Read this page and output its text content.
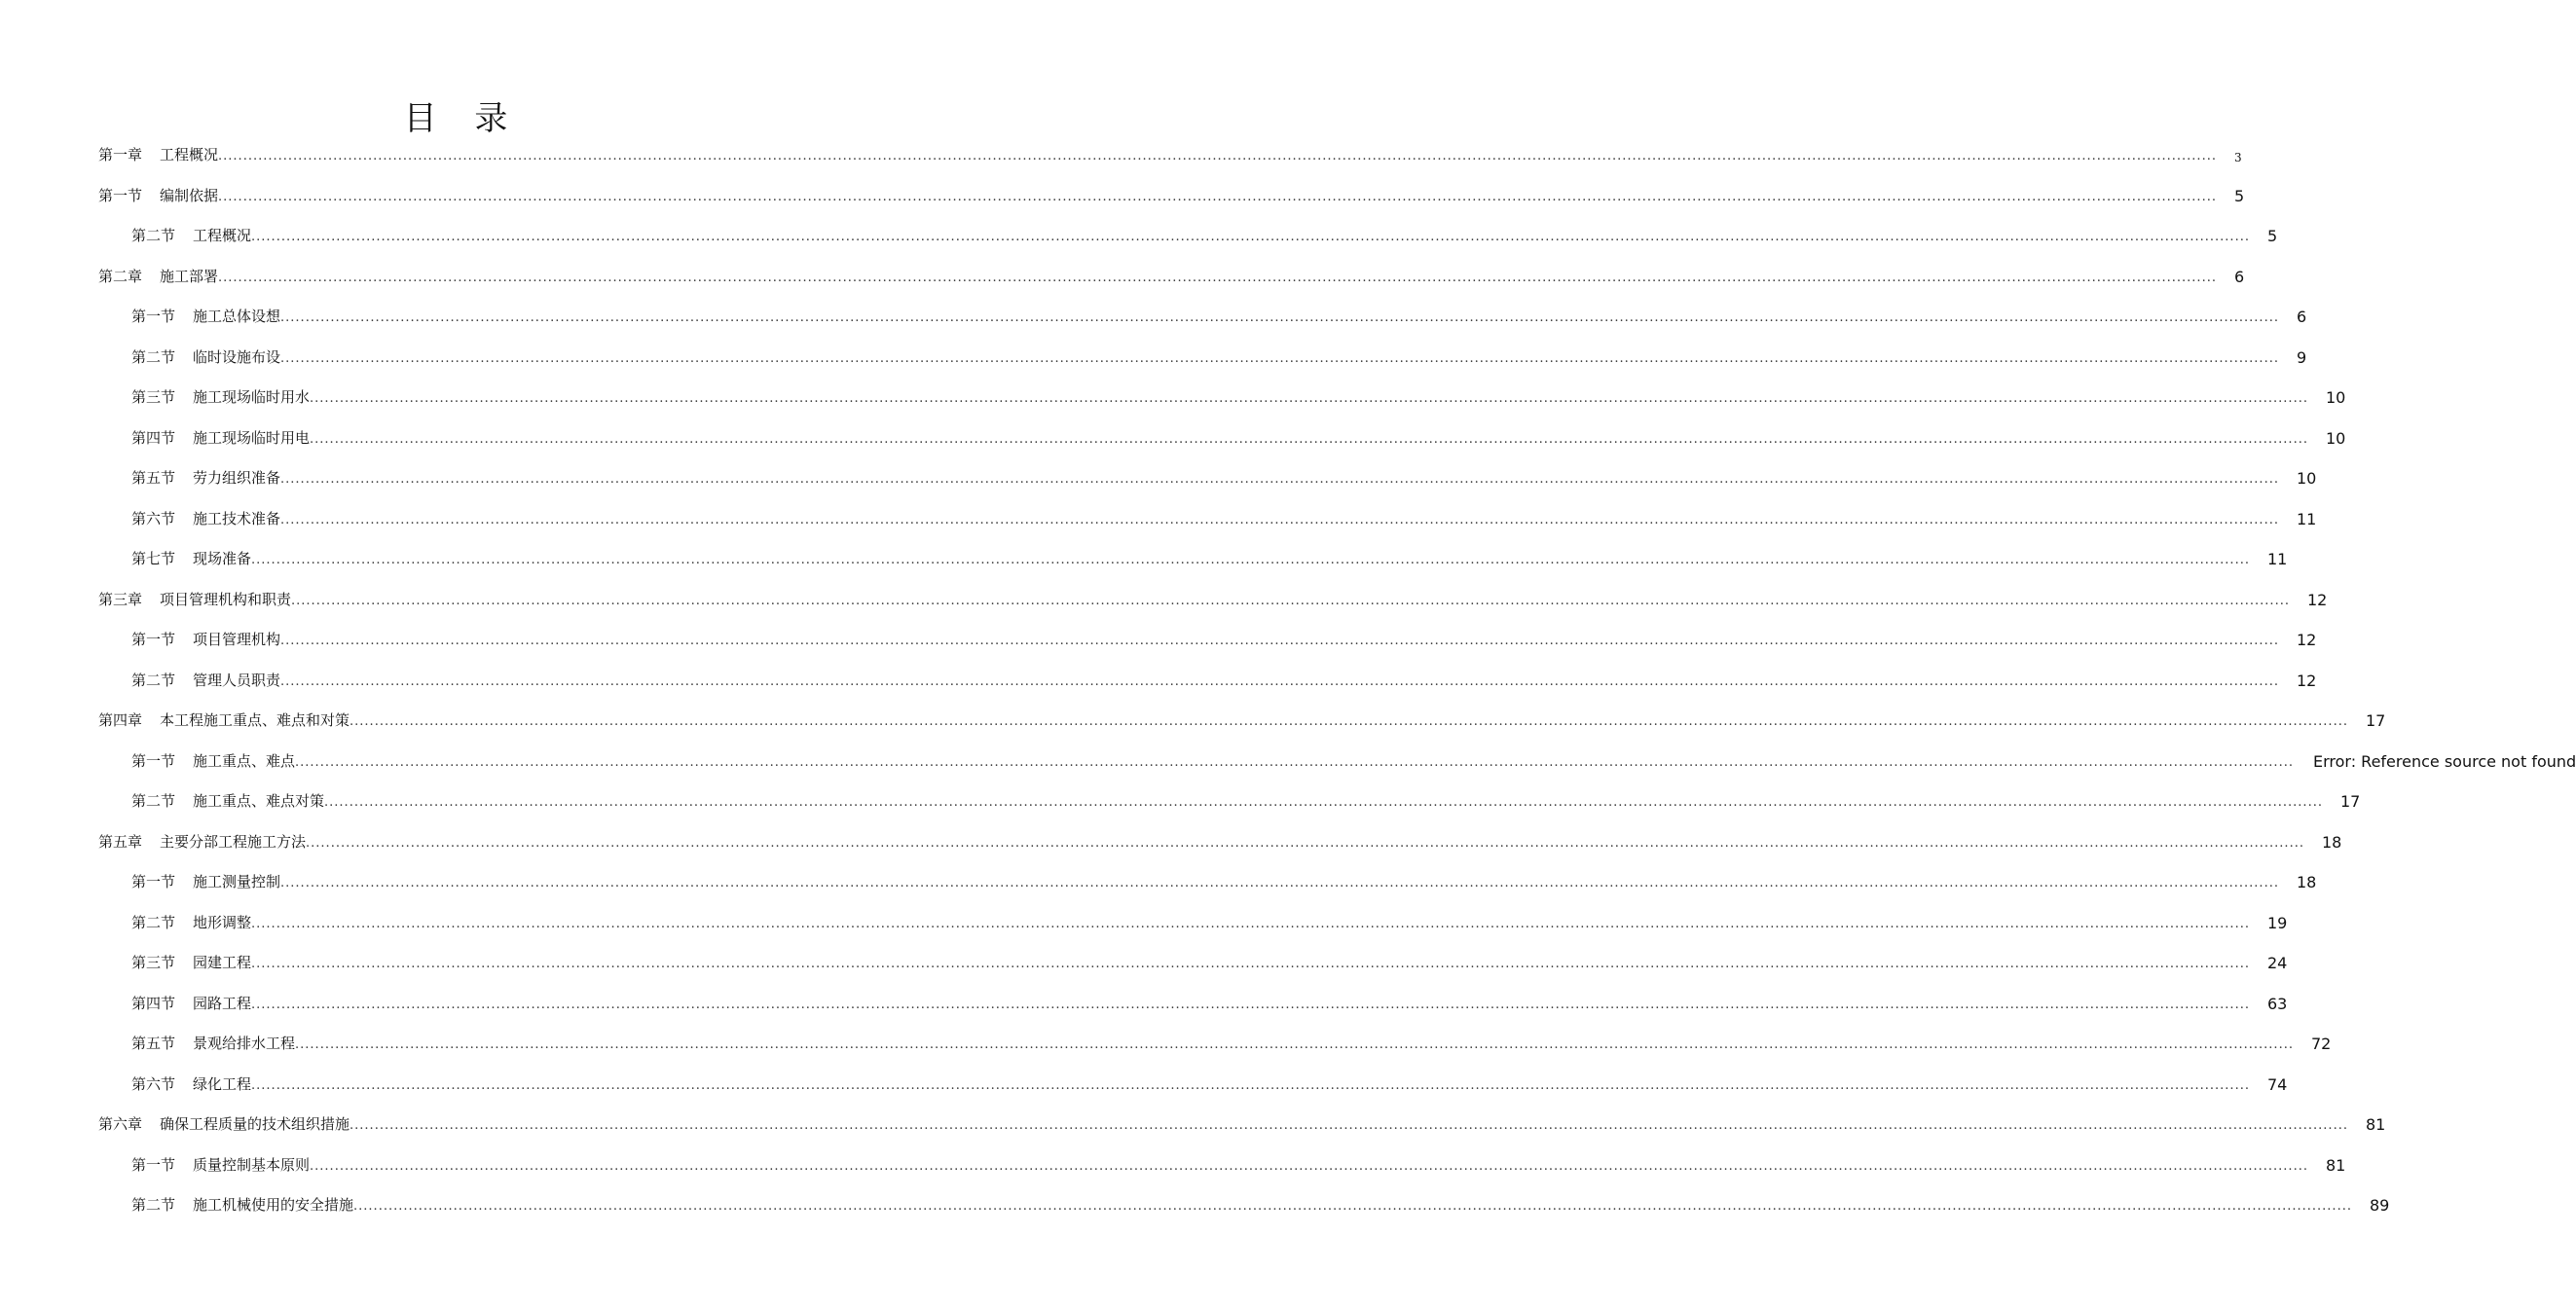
目 录
第一章 工程概况 ................................................................................................................................................................................................................................................................................................................................................................................................................ 3
第一节 编制依据 ................................................................................................................................................................................................................................................................................................................................................................................................................ 5
第二节 工程概况 ................................................................................................................................................................................................................................................................................................................................................................................................................ 5
第二章 施工部署 ................................................................................................................................................................................................................................................................................................................................................................................................................ 6
第一节 施工总体设想 ................................................................................................................................................................................................................................................................................................................................................................................................................ 6
第二节 临时设施布设 ................................................................................................................................................................................................................................................................................................................................................................................................................ 9
第三节 施工现场临时用水 ................................................................................................................................................................................................................................................................................................................................................................................................................ 10
第四节 施工现场临时用电 ................................................................................................................................................................................................................................................................................................................................................................................................................ 10
第五节 劳力组织准备 ................................................................................................................................................................................................................................................................................................................................................................................................................ 10
第六节 施工技术准备 ................................................................................................................................................................................................................................................................................................................................................................................................................ 11
第七节 现场准备 ................................................................................................................................................................................................................................................................................................................................................................................................................ 11
第三章 项目管理机构和职责 ................................................................................................................................................................................................................................................................................................................................................................................................................ 12
第一节 项目管理机构 ................................................................................................................................................................................................................................................................................................................................................................................................................ 12
第二节 管理人员职责 ................................................................................................................................................................................................................................................................................................................................................................................................................ 12
第四章 本工程施工重点、难点和对策 ................................................................................................................................................................................................................................................................................................................................................................................................................ 17
第一节 施工重点、难点 ................................................................................................................................................................................................................................................................................................................................................................................................................ Error: Reference source not found
第二节 施工重点、难点对策 ................................................................................................................................................................................................................................................................................................................................................................................................................ 17
第五章 主要分部工程施工方法 ................................................................................................................................................................................................................................................................................................................................................................................................................ 18
第一节 施工测量控制 ................................................................................................................................................................................................................................................................................................................................................................................................................ 18
第二节 地形调整 ................................................................................................................................................................................................................................................................................................................................................................................................................ 19
第三节 园建工程 ................................................................................................................................................................................................................................................................................................................................................................................................................ 24
第四节 园路工程 ................................................................................................................................................................................................................................................................................................................................................................................................................ 63
第五节 景观给排水工程 ................................................................................................................................................................................................................................................................................................................................................................................................................ 72
第六节 绿化工程 ................................................................................................................................................................................................................................................................................................................................................................................................................ 74
第六章 确保工程质量的技术组织措施 ................................................................................................................................................................................................................................................................................................................................................................................................................ 81
第一节 质量控制基本原则 ................................................................................................................................................................................................................................................................................................................................................................................................................ 81
第二节 施工机械使用的安全措施 ................................................................................................................................................................................................................................................................................................................................................................................................................ 89
